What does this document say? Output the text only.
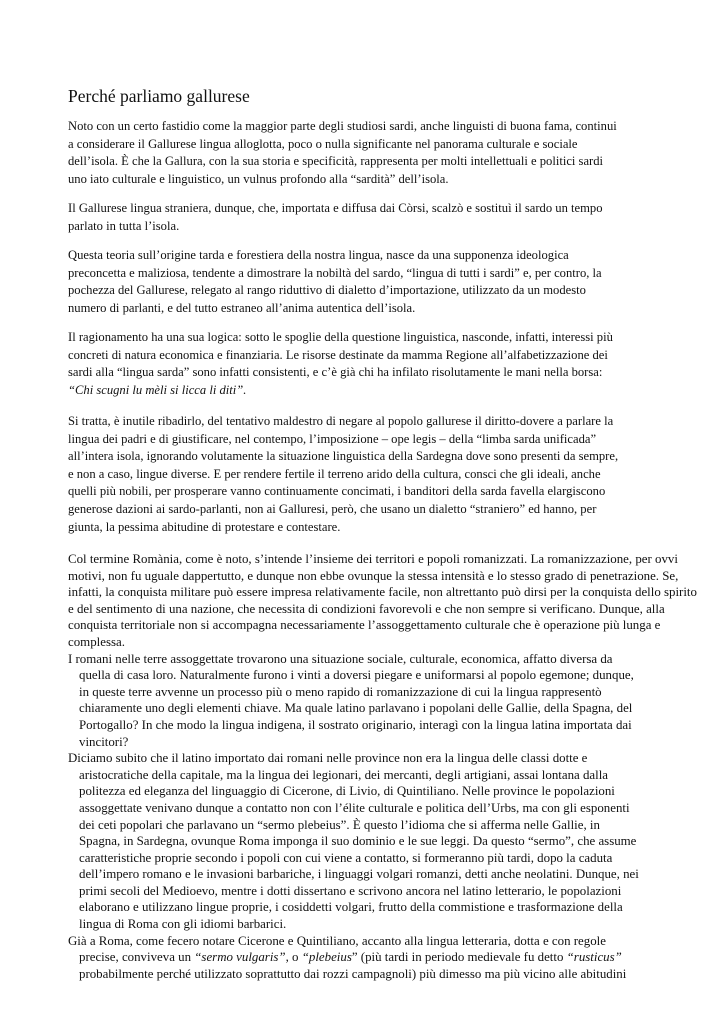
Perché parliamo gallurese
Noto con un certo fastidio come la maggior parte degli studiosi sardi, anche linguisti di buona fama, continui
a considerare il Gallurese lingua alloglotta, poco o nulla significante nel panorama culturale e sociale
dell’isola. È che la Gallura, con la sua storia e specificità, rappresenta per molti intellettuali e politici sardi
uno iato culturale e linguistico, un vulnus profondo alla “sardità” dell’isola.
Il Gallurese lingua straniera, dunque, che, importata e diffusa dai Còrsi, scalzò e sostituì il sardo un tempo
parlato in tutta l’isola.
Questa teoria sull’origine tarda e forestiera della nostra lingua, nasce da una supponenza ideologica
preconcetta e maliziosa, tendente a dimostrare la nobiltà del sardo, “lingua di tutti i sardi” e, per contro, la
pochezza del Gallurese, relegato al rango riduttivo di dialetto d’importazione, utilizzato da un modesto
numero di parlanti, e del tutto estraneo all’anima autentica dell’isola.
Il ragionamento ha una sua logica: sotto le spoglie della questione linguistica, nasconde, infatti, interessi più
concreti di natura economica e finanziaria. Le risorse destinate da mamma Regione all’alfabetizzazione dei
sardi alla “lingua sarda” sono infatti consistenti, e c’è già chi ha infilato risolutamente le mani nella borsa:
“Chi scugni lu mèli si licca li diti”.
Si tratta, è inutile ribadirlo, del tentativo maldestro di negare al popolo gallurese il diritto-dovere a parlare la
lingua dei padri e di giustificare, nel contempo, l’imposizione – ope legis – della “limba sarda unificada”
all’intera isola, ignorando volutamente la situazione linguistica della Sardegna dove sono presenti da sempre,
e non a caso, lingue diverse. E per rendere fertile il terreno arido della cultura, consci che gli ideali, anche
quelli più nobili, per prosperare vanno continuamente concimati, i banditori della sarda favella elargiscono
generose dazioni ai sardo-parlanti, non ai Galluresi, però, che usano un dialetto “straniero” ed hanno, per
giunta, la pessima abitudine di protestare e contestare.
Col termine Romània, come è noto, s’intende l’insieme dei territori e popoli romanizzati. La romanizzazione, per ovvi
motivi, non fu uguale dappertutto, e dunque non ebbe ovunque la stessa intensità e lo stesso grado di penetrazione. Se,
infatti, la conquista militare può essere impresa relativamente facile, non altrettanto può dirsi per la conquista dello spirito
e del sentimento di una nazione, che necessita di condizioni favorevoli e che non sempre si verificano. Dunque, alla
conquista territoriale non si accompagna necessariamente l’assoggettamento culturale che è operazione più lunga e
complessa.
I romani nelle terre assoggettate trovarono una situazione sociale, culturale, economica, affatto diversa da
quella di casa loro. Naturalmente furono i vinti a doversi piegare e uniformarsi al popolo egemone; dunque,
in queste terre avvenne un processo più o meno rapido di romanizzazione di cui la lingua rappresentò
chiaramente uno degli elementi chiave. Ma quale latino parlavano i popolani delle Gallie, della Spagna, del
Portogallo? In che modo la lingua indigena, il sostrato originario, interagì con la lingua latina importata dai
vincitori?
Diciamo subito che il latino importato dai romani nelle province non era la lingua delle classi dotte e
aristocratiche della capitale, ma la lingua dei legionari, dei mercanti, degli artigiani, assai lontana dalla
politezza ed eleganza del linguaggio di Cicerone, di Livio, di Quintiliano. Nelle province le popolazioni
assoggettate venivano dunque a contatto non con l’élite culturale e politica dell’Urbs, ma con gli esponenti
dei ceti popolari che parlavano un “sermo plebeius”. È questo l’idioma che si afferma nelle Gallie, in
Spagna, in Sardegna, ovunque Roma imponga il suo dominio e le sue leggi. Da questo “sermo”, che assume
caratteristiche proprie secondo i popoli con cui viene a contatto, si formeranno più tardi, dopo la caduta
dell’impero romano e le invasioni barbariche, i linguaggi volgari romanzi, detti anche neolatini. Dunque, nei
primi secoli del Medioevo, mentre i dotti dissertano e scrivono ancora nel latino letterario, le popolazioni
elaborano e utilizzano lingue proprie, i cosiddetti volgari, frutto della commistione e trasformazione della
lingua di Roma con gli idiomi barbarici.
Già a Roma, come fecero notare Cicerone e Quintiliano, accanto alla lingua letteraria, dotta e con regole
precise, conviveva un “sermo vulgaris”, o “plebeius” (più tardi in periodo medievale fu detto “rusticus”
probabilmente perché utilizzato soprattutto dai rozzi campagnoli) più dimesso ma più vicino alle abitudini
